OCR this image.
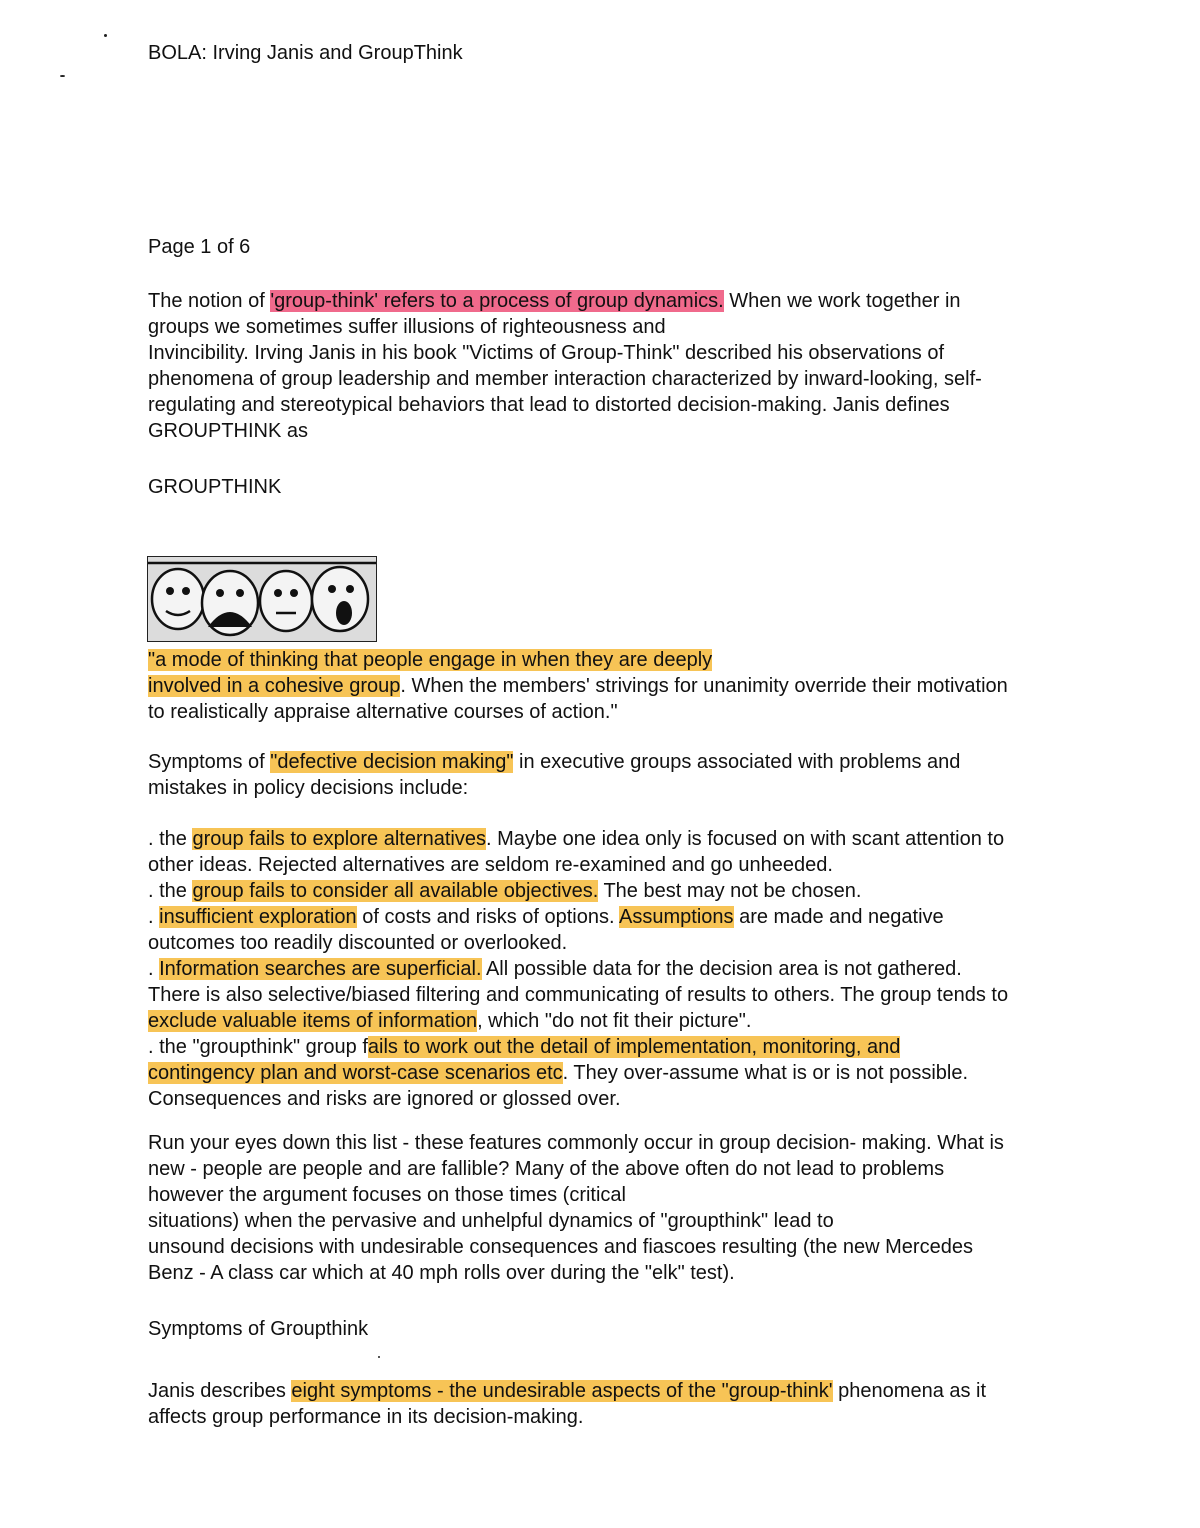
BOLA: Irving Janis and GroupThink
Page 1 of 6

The notion of 'group-think' refers to a process of group dynamics. When we work together in

groups we sometimes suffer illusions of righteousness and

Invincibility. Irving Janis in his book "Victims of Group-Think" described his observations of

phenomena of group leadership and member interaction characterized by inward-looking, self-

regulating and stereotypical behaviors that lead to distorted decision-making. Janis defines

GROUPTHINK as

GROUPTHINK

"a mode of thinking that people engage in when they are deeply

involved in a cohesive group. When the members' strivings for unanimity override their motivation

to realistically appraise alternative courses of action."

Symptoms of "defective decision making" in executive groups associated with problems and

mistakes in policy decisions include:

. the group fails to explore alternatives. Maybe one idea only is focused on with scant attention to

other ideas. Rejected alternatives are seldom re-examined and go unheeded.

. the group fails to consider all available objectives. The best may not be chosen.

. insufficient exploration of costs and risks of options. Assumptions are made and negative

outcomes too readily discounted or overlooked.

. Information searches are superficial. All possible data for the decision area is not gathered.

There is also selective/biased filtering and communicating of results to others. The group tends to

exclude valuable items of information, which "do not fit their picture".

. the "groupthink" group fails to work out the detail of implementation, monitoring, and

contingency plan and worst-case scenarios etc. They over-assume what is or is not possible.

Consequences and risks are ignored or glossed over.

Run your eyes down this list - these features commonly occur in group decision- making. What is

new - people are people and are fallible? Many of the above often do not lead to problems

however the argument focuses on those times (critical

situations) when the pervasive and unhelpful dynamics of "groupthink" lead to

unsound decisions with undesirable consequences and fiascoes resulting (the new Mercedes

Benz - A class car which at 40 mph rolls over during the "elk" test).

Symptoms of Groupthink

Janis describes eight symptoms - the undesirable aspects of the "group-think' phenomena as it

affects group performance in its decision-making.
